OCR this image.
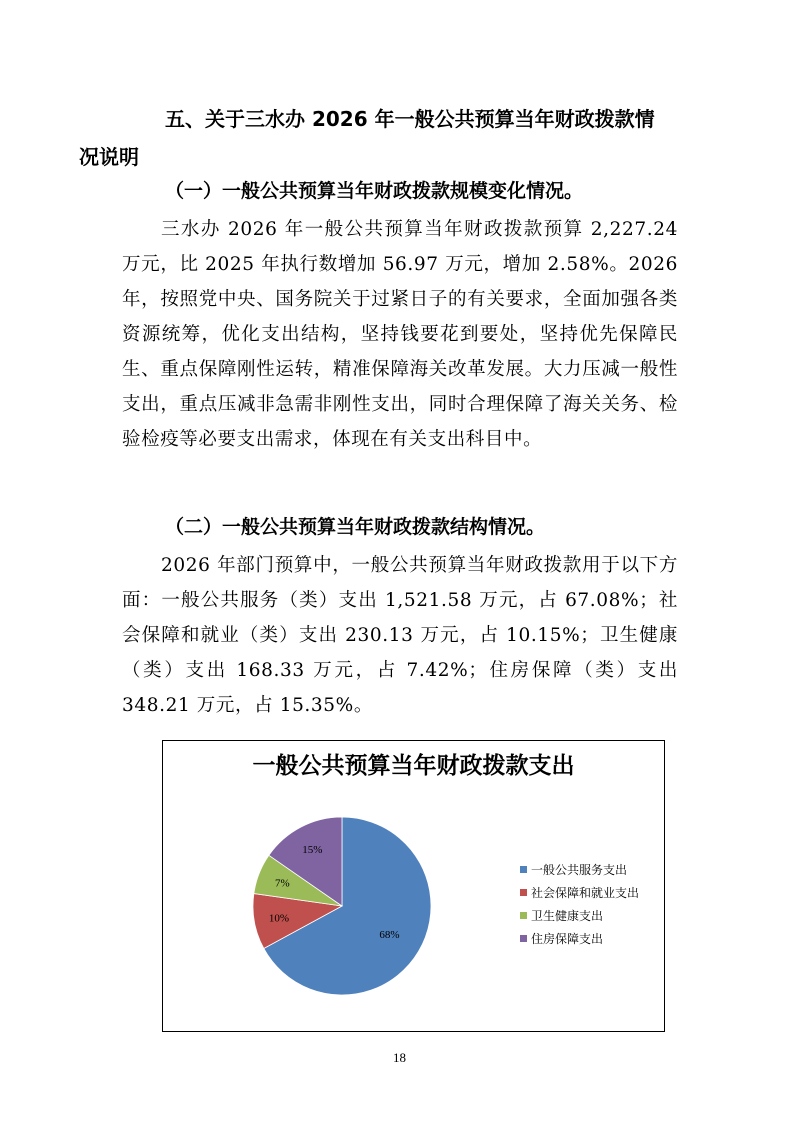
五、关于三水办 2026 年一般公共预算当年财政拨款情
况说明

（一）一般公共预算当年财政拨款规模变化情况。

三水办 2026 年一般公共预算当年财政拨款预算 2,227.24 万元，比 2025 年执行数增加 56.97 万元，增加 2.58%。2026 年，按照党中央、国务院关于过紧日子的有关要求，全面加强各类资源统筹，优化支出结构，坚持钱要花到要处，坚持优先保障民生、重点保障刚性运转，精准保障海关改革发展。大力压减一般性支出，重点压减非急需非刚性支出，同时合理保障了海关关务、检验检疫等必要支出需求，体现在有关支出科目中。

（二）一般公共预算当年财政拨款结构情况。

2026 年部门预算中，一般公共预算当年财政拨款用于以下方面：一般公共服务（类）支出 1,521.58 万元，占 67.08%；社会保障和就业（类）支出 230.13 万元，占 10.15%；卫生健康（类）支出 168.33 万元，占 7.42%；住房保障（类）支出 348.21 万元，占 15.35%。

一般公共预算当年财政拨款支出
68%
10%
7%
15%
一般公共服务支出
社会保障和就业支出
卫生健康支出
住房保障支出
18
